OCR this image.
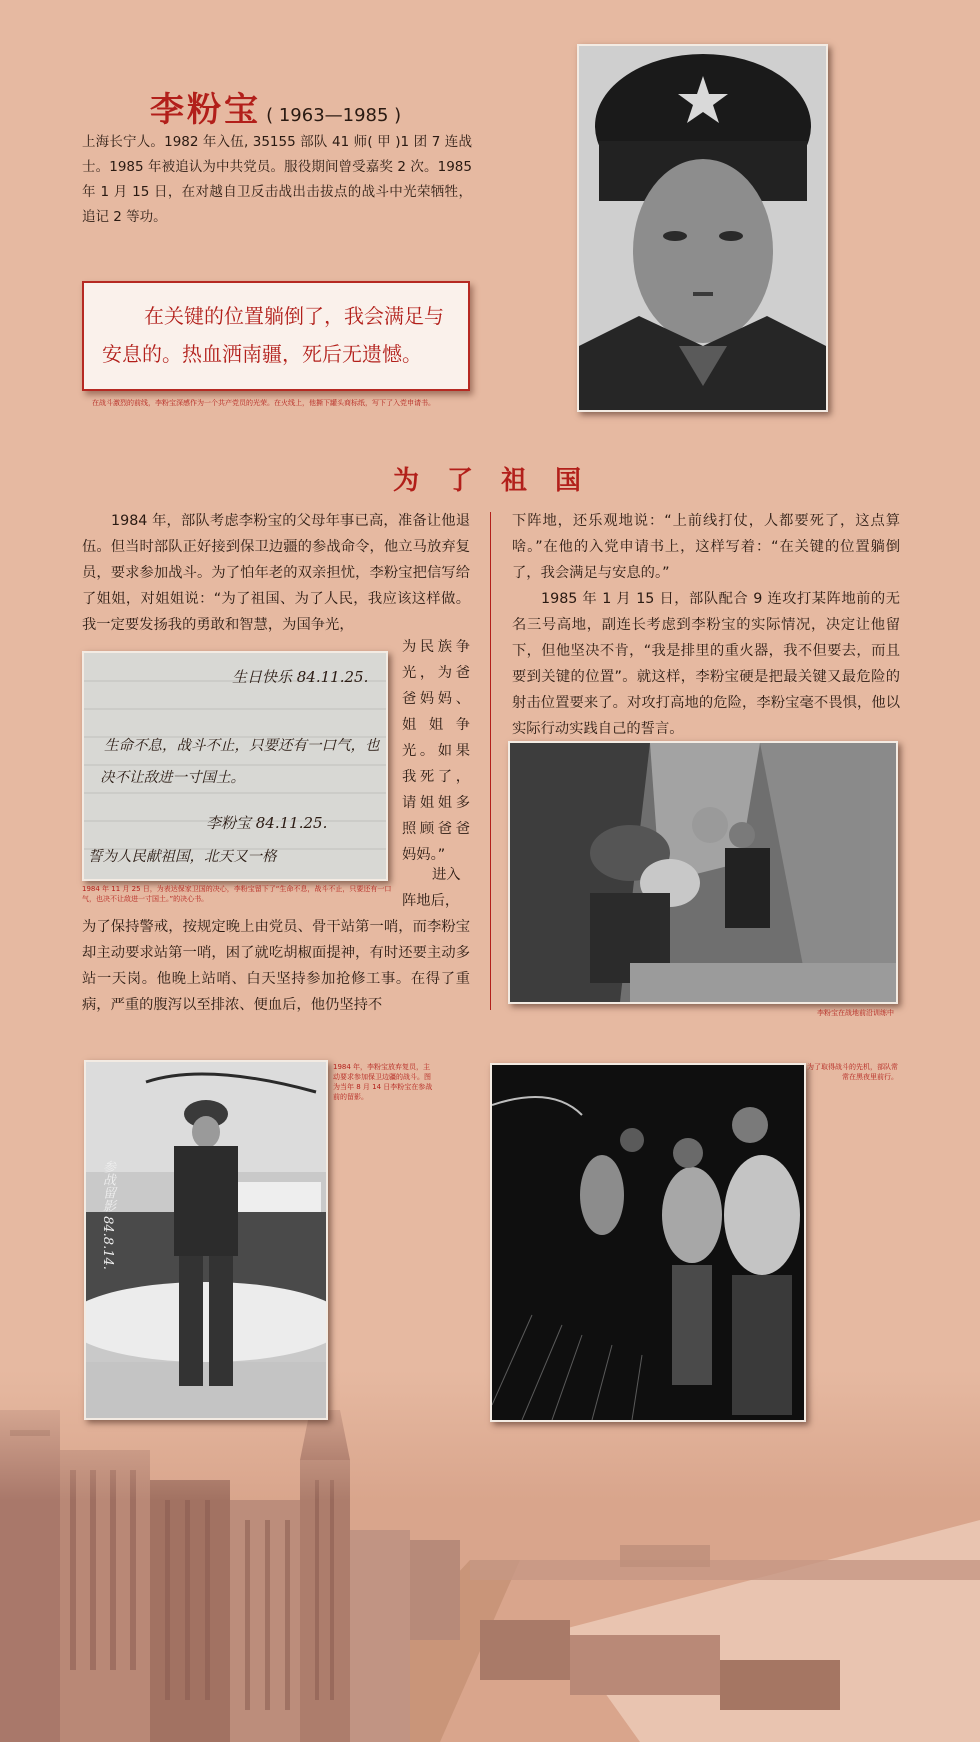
李粉宝 ( 1963—1985 )
上海长宁人。1982 年入伍, 35155 部队 41 师( 甲 )1 团 7 连战士。1985 年被追认为中共党员。服役期间曾受嘉奖 2 次。1985 年 1 月 15 日，在对越自卫反击战出击拔点的战斗中光荣牺牲，追记 2 等功。
在关键的位置躺倒了，我会满足与安息的。热血洒南疆，死后无遗憾。
在战斗激烈的前线，李粉宝深感作为一个共产党员的光荣。在火线上，他撕下罐头商标纸，写下了入党申请书。
为了祖国
1984 年，部队考虑李粉宝的父母年事已高，准备让他退伍。但当时部队正好接到保卫边疆的参战命令，他立马放弃复员，要求参加战斗。为了怕年老的双亲担忧，李粉宝把信写给了姐姐，对姐姐说：“为了祖国、为了人民，我应该这样做。我一定要发扬我的勇敢和智慧，为国争光，
为民族争光，为爸爸妈妈、姐姐争光。如果我死了，请姐姐多照顾爸爸妈妈。”
生日快乐 84.11.25.
生命不息，战斗不止，只要还有一口气，也
决不让敌进一寸国土。
李粉宝 84.11.25.
誓为人民献祖国，北天又一格
1984 年 11 月 25 日，为表达保家卫国的决心，李粉宝留下了“生命不息，战斗不止，只要还有一口气，也决不让敌进一寸国土。”的决心书。
进入
阵地后，
为了保持警戒，按规定晚上由党员、骨干站第一哨，而李粉宝却主动要求站第一哨，困了就吃胡椒面提神，有时还要主动多站一天岗。他晚上站哨、白天坚持参加抢修工事。在得了重病，严重的腹泻以至排浓、便血后，他仍坚持不
下阵地，还乐观地说：“上前线打仗，人都要死了，这点算啥。”在他的入党申请书上，这样写着：“在关键的位置躺倒了，我会满足与安息的。”
1985 年 1 月 15 日，部队配合 9 连攻打某阵地前的无名三号高地，副连长考虑到李粉宝的实际情况，决定让他留下，但他坚决不肯，“我是排里的重火器，我不但要去，而且要到关键的位置”。就这样，李粉宝硬是把最关键又最危险的射击位置要来了。对攻打高地的危险，李粉宝毫不畏惧，他以实际行动实践自己的誓言。
李粉宝在战地前沿训练中
参战留影 84.8.14.
1984 年，李粉宝放弃复员，主动要求参加保卫边疆的战斗。图为当年 8 月 14 日李粉宝在参战前的留影。
为了取得战斗的先机，部队常常在黑夜里前行。
